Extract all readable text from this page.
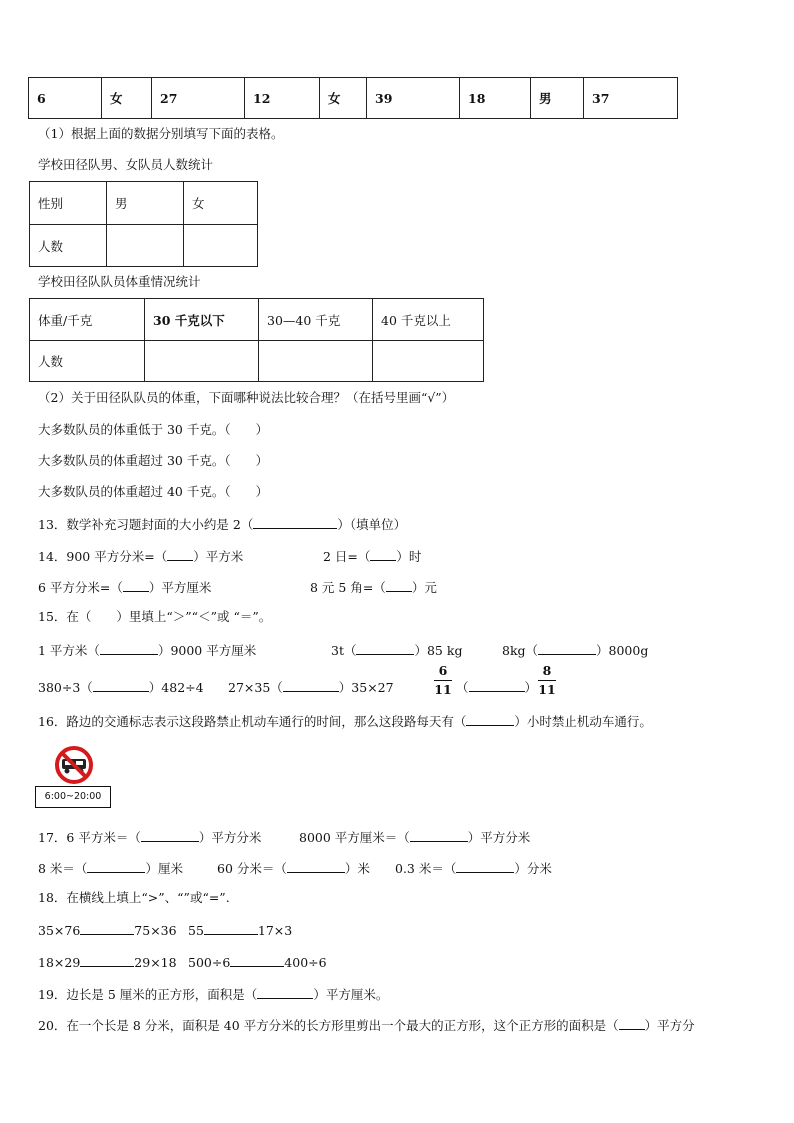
6	女	27	12	女	39	18	男	37
（1）根据上面的数据分别填写下面的表格。
学校田径队男、女队员人数统计
性别	男	女
人数		
学校田径队队员体重情况统计
体重/千克	30 千克以下	30—40 千克	40 千克以上
人数			
（2）关于田径队队员的体重，下面哪种说法比较合理？（在括号里画“√”）
大多数队员的体重低于 30 千克。（　　）
大多数队员的体重超过 30 千克。（　　）
大多数队员的体重超过 40 千克。（　　）
13．数学补充习题封面的大小约是 2（	）（填单位）
14．900 平方分米=（ ）平方米	2 日=（ ）时
6 平方分米=（ ）平方厘米	8 元 5 角=（ ）元
15．在（　　）里填上“＞”“＜”或 “＝”。
1 平方米（	）9000 平方厘米	3t（	）85 kg	8kg（	）8000g
380÷3（	）482÷4 27×35（	）35×27
6
11 （	）
8
11
16．路边的交通标志表示这段路禁止机动车通行的时间，那么这段路每天有（	）小时禁止机动车通行。
6:00~20:00
17．6 平方米＝（	）平方分米	8000 平方厘米＝（	）平方分米
8 米＝（	）厘米	60 分米＝（	）米 0.3 米＝（	）分米
18．在横线上填上“>”、“”或“=”.
35×76	75×36 55	17×3
18×29	29×18 500÷6	400÷6
19．边长是 5 厘米的正方形，面积是（	）平方厘米。
20．在一个长是 8 分米，面积是 40 平方分米的长方形里剪出一个最大的正方形，这个正方形的面积是（ ）平方分
